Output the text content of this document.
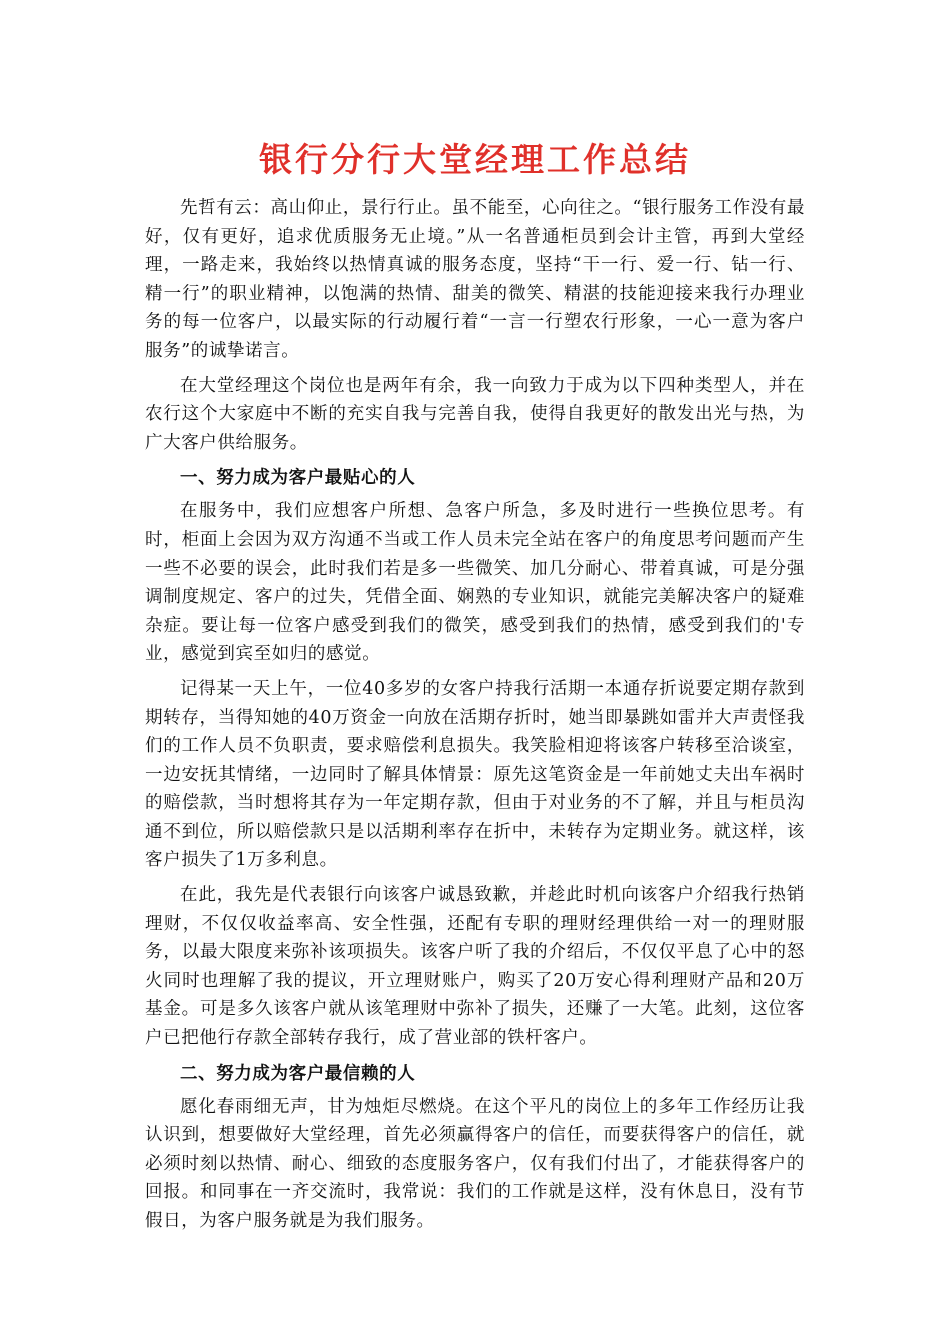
银行分行大堂经理工作总结

先哲有云：高山仰止，景行行止。虽不能至，心向往之。“银行服务工作没有最好，仅有更好，追求优质服务无止境。”从一名普通柜员到会计主管，再到大堂经理，一路走来，我始终以热情真诚的服务态度，坚持“干一行、爱一行、钻一行、精一行”的职业精神，以饱满的热情、甜美的微笑、精湛的技能迎接来我行办理业务的每一位客户，以最实际的行动履行着“一言一行塑农行形象，一心一意为客户服务”的诚挚诺言。

在大堂经理这个岗位也是两年有余，我一向致力于成为以下四种类型人，并在农行这个大家庭中不断的充实自我与完善自我，使得自我更好的散发出光与热，为广大客户供给服务。

一、努力成为客户最贴心的人

在服务中，我们应想客户所想、急客户所急，多及时进行一些换位思考。有时，柜面上会因为双方沟通不当或工作人员未完全站在客户的角度思考问题而产生一些不必要的误会，此时我们若是多一些微笑、加几分耐心、带着真诚，可是分强调制度规定、客户的过失，凭借全面、娴熟的专业知识，就能完美解决客户的疑难杂症。要让每一位客户感受到我们的微笑，感受到我们的热情，感受到我们的'专业，感觉到宾至如归的感觉。

记得某一天上午，一位40多岁的女客户持我行活期一本通存折说要定期存款到期转存，当得知她的40万资金一向放在活期存折时，她当即暴跳如雷并大声责怪我们的工作人员不负职责，要求赔偿利息损失。我笑脸相迎将该客户转移至洽谈室，一边安抚其情绪，一边同时了解具体情景：原先这笔资金是一年前她丈夫出车祸时的赔偿款，当时想将其存为一年定期存款，但由于对业务的不了解，并且与柜员沟通不到位，所以赔偿款只是以活期利率存在折中，未转存为定期业务。就这样，该客户损失了1万多利息。

在此，我先是代表银行向该客户诚恳致歉，并趁此时机向该客户介绍我行热销理财，不仅仅收益率高、安全性强，还配有专职的理财经理供给一对一的理财服务，以最大限度来弥补该项损失。该客户听了我的介绍后，不仅仅平息了心中的怒火同时也理解了我的提议，开立理财账户，购买了20万安心得利理财产品和20万基金。可是多久该客户就从该笔理财中弥补了损失，还赚了一大笔。此刻，这位客户已把他行存款全部转存我行，成了营业部的铁杆客户。

二、努力成为客户最信赖的人

愿化春雨细无声，甘为烛炬尽燃烧。在这个平凡的岗位上的多年工作经历让我认识到，想要做好大堂经理，首先必须赢得客户的信任，而要获得客户的信任，就必须时刻以热情、耐心、细致的态度服务客户，仅有我们付出了，才能获得客户的回报。和同事在一齐交流时，我常说：我们的工作就是这样，没有休息日，没有节假日，为客户服务就是为我们服务。
